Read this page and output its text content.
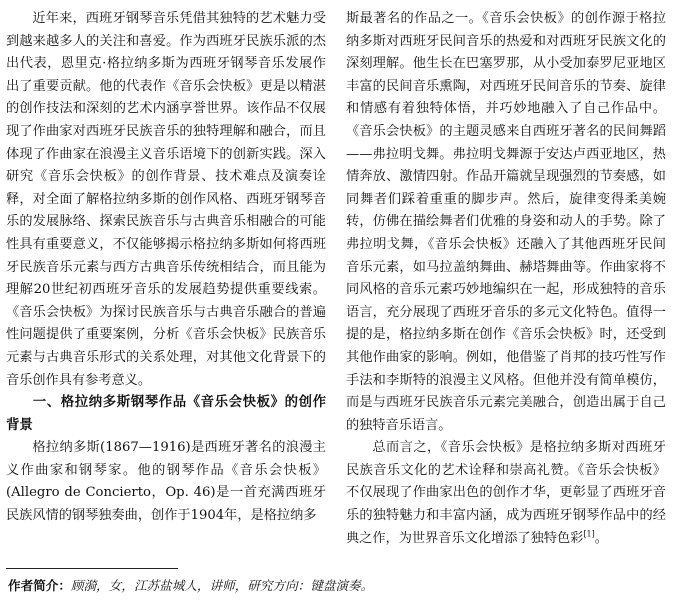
近年来，西班牙钢琴音乐凭借其独特的艺术魅力受到越来越多人的关注和喜爱。作为西班牙民族乐派的杰出代表，恩里克·格拉纳多斯为西班牙钢琴音乐发展作出了重要贡献。他的代表作《音乐会快板》更是以精湛的创作技法和深刻的艺术内涵享誉世界。该作品不仅展现了作曲家对西班牙民族音乐的独特理解和融合，而且体现了作曲家在浪漫主义音乐语境下的创新实践。深入研究《音乐会快板》的创作背景、技术难点及演奏诠释，对全面了解格拉纳多斯的创作风格、西班牙钢琴音乐的发展脉络、探索民族音乐与古典音乐相融合的可能性具有重要意义，不仅能够揭示格拉纳多斯如何将西班牙民族音乐元素与西方古典音乐传统相结合，而且能为理解20世纪初西班牙音乐的发展趋势提供重要线索。《音乐会快板》为探讨民族音乐与古典音乐融合的普遍性问题提供了重要案例，分析《音乐会快板》民族音乐元素与古典音乐形式的关系处理，对其他文化背景下的音乐创作具有参考意义。

一、格拉纳多斯钢琴作品《音乐会快板》的创作背景

格拉纳多斯(1867—1916)是西班牙著名的浪漫主义作曲家和钢琴家。他的钢琴作品《音乐会快板》(Allegro de Concierto，Op. 46)是一首充满西班牙民族风情的钢琴独奏曲，创作于1904年，是格拉纳多

斯最著名的作品之一。《音乐会快板》的创作源于格拉纳多斯对西班牙民间音乐的热爱和对西班牙民族文化的深刻理解。他生长在巴塞罗那，从小受加泰罗尼亚地区丰富的民间音乐熏陶，对西班牙民间音乐的节奏、旋律和情感有着独特体悟，并巧妙地融入了自己作品中。《音乐会快板》的主题灵感来自西班牙著名的民间舞蹈——弗拉明戈舞。弗拉明戈舞源于安达卢西亚地区，热情奔放、激情四射。作品开篇就呈现强烈的节奏感，如同舞者们踩着重重的脚步声。然后，旋律变得柔美婉转，仿佛在描绘舞者们优雅的身姿和动人的手势。除了弗拉明戈舞，《音乐会快板》还融入了其他西班牙民间音乐元素，如马拉盖纳舞曲、赫塔舞曲等。作曲家将不同风格的音乐元素巧妙地编织在一起，形成独特的音乐语言，充分展现了西班牙音乐的多元文化特色。值得一提的是，格拉纳多斯在创作《音乐会快板》时，还受到其他作曲家的影响。例如，他借鉴了肖邦的技巧性写作手法和李斯特的浪漫主义风格。但他并没有简单模仿，而是与西班牙民族音乐元素完美融合，创造出属于自己的独特音乐语言。

总而言之，《音乐会快板》是格拉纳多斯对西班牙民族音乐文化的艺术诠释和崇高礼赞。《音乐会快板》不仅展现了作曲家出色的创作才华，更彰显了西班牙音乐的独特魅力和丰富内涵，成为西班牙钢琴作品中的经典之作，为世界音乐文化增添了独特色彩[1]。

作者简介：顾漪，女，江苏盐城人，讲师，研究方向：键盘演奏。
